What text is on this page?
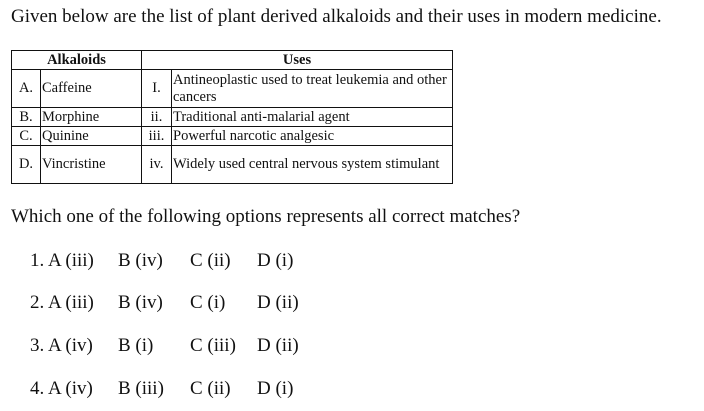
Given below are the list of plant derived alkaloids and their uses in modern medicine.
Alkaloids		Uses	
A.	Caffeine	I.	Antineoplastic used to treat leukemia and other cancers
B.	Morphine	ii.	Traditional anti-malarial agent
C.	Quinine	iii.	Powerful narcotic analgesic
D.	Vincristine	iv.	Widely used central nervous system stimulant
Which one of the following options represents all correct matches?
1. A (iii) B (iv) C (ii) D (i)
2. A (iii) B (iv) C (i) D (ii)
3. A (iv) B (i) C (iii) D (ii)
4. A (iv) B (iii) C (ii) D (i)
